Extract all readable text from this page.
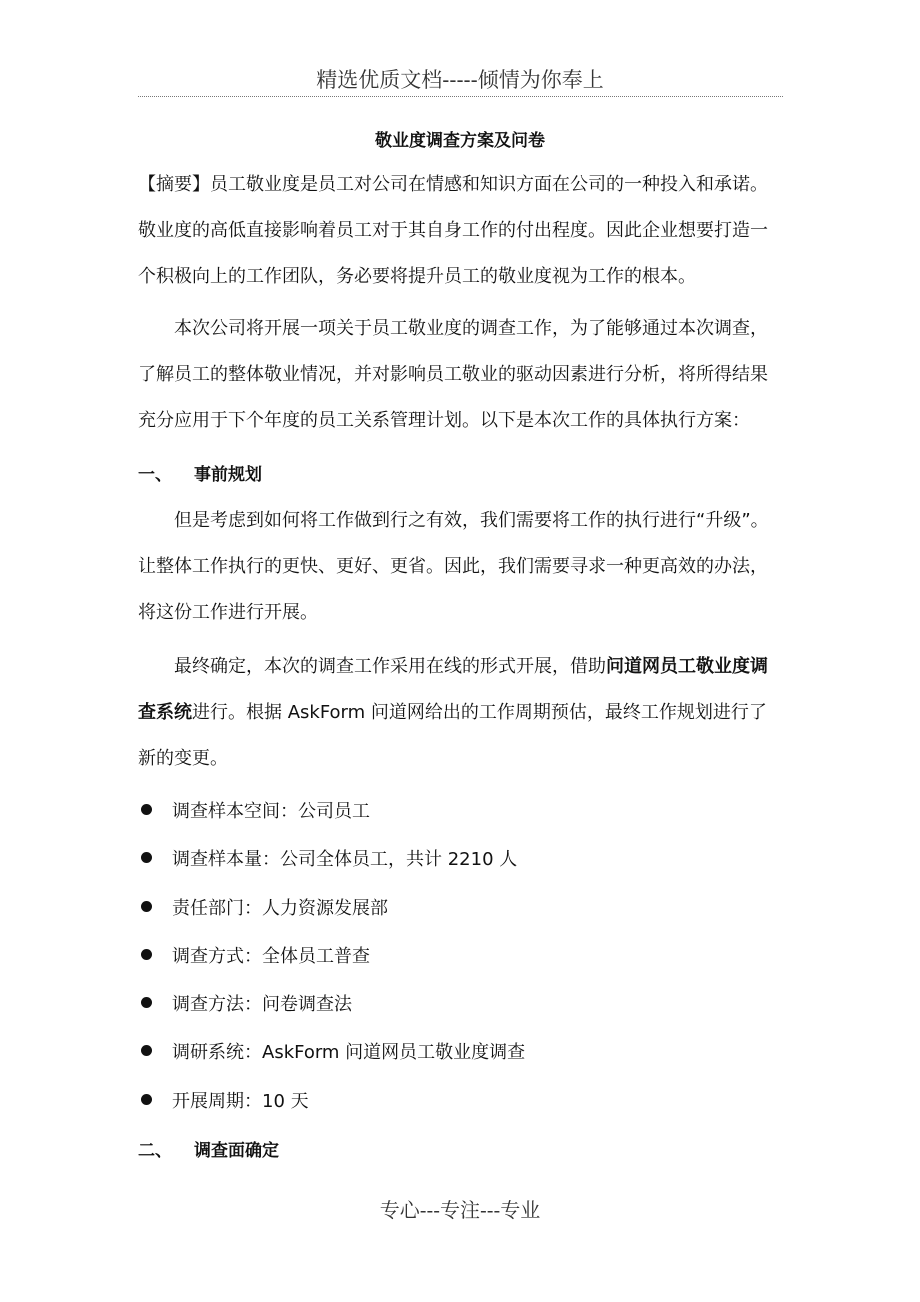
精选优质文档-----倾情为你奉上
敬业度调查方案及问卷
【摘要】员工敬业度是员工对公司在情感和知识方面在公司的一种投入和承诺。
敬业度的高低直接影响着员工对于其自身工作的付出程度。因此企业想要打造一
个积极向上的工作团队，务必要将提升员工的敬业度视为工作的根本。
本次公司将开展一项关于员工敬业度的调查工作，为了能够通过本次调查，
了解员工的整体敬业情况，并对影响员工敬业的驱动因素进行分析，将所得结果
充分应用于下个年度的员工关系管理计划。以下是本次工作的具体执行方案：
一、 事前规划
但是考虑到如何将工作做到行之有效，我们需要将工作的执行进行“升级”。
让整体工作执行的更快、更好、更省。因此，我们需要寻求一种更高效的办法，
将这份工作进行开展。
最终确定，本次的调查工作采用在线的形式开展，借助问道网员工敬业度调
查系统进行。根据 AskForm 问道网给出的工作周期预估，最终工作规划进行了
新的变更。
调查样本空间：公司员工
调查样本量：公司全体员工，共计 2210 人
责任部门：人力资源发展部
调查方式：全体员工普查
调查方法：问卷调查法
调研系统：AskForm 问道网员工敬业度调查
开展周期：10 天
二、 调查面确定
专心---专注---专业
